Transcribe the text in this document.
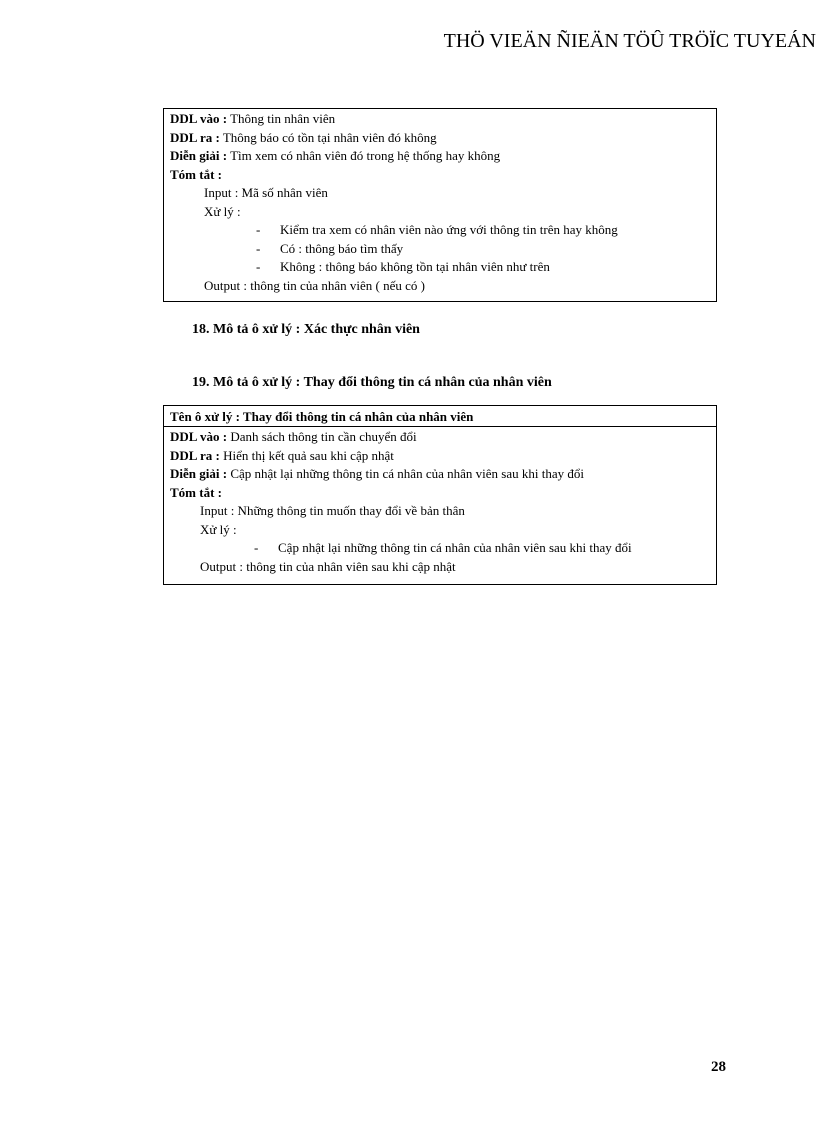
THÖ VIEÄN ÑIEÄN TÖÛ TRÖÏC TUYEÁN
DDL vào : Thông tin nhân viên
DDL ra : Thông báo có tồn tại nhân viên đó không
Diễn giải : Tìm xem có nhân viên đó trong hệ thống hay không
Tóm tắt :
Input : Mã số nhân viên
Xử lý :
- Kiểm tra xem có nhân viên nào ứng với thông tin trên hay không
- Có : thông báo tìm thấy
- Không : thông báo không tồn tại nhân viên như trên
Output : thông tin của nhân viên ( nếu có )
18. Mô tả ô xử lý : Xác thực nhân viên
19. Mô tả ô xử lý : Thay đổi thông tin cá nhân của nhân viên
Tên ô xử lý : Thay đổi thông tin cá nhân của nhân viên
DDL vào : Danh sách thông tin cần chuyển đổi
DDL ra : Hiển thị kết quả sau khi cập nhật
Diễn giải : Cập nhật lại những thông tin cá nhân của nhân viên sau khi thay đổi
Tóm tắt :
Input : Những thông tin muốn thay đổi về bản thân
Xử lý :
- Cập nhật lại những thông tin cá nhân của nhân viên sau khi thay đổi
Output : thông tin của nhân viên sau khi cập nhật
28
